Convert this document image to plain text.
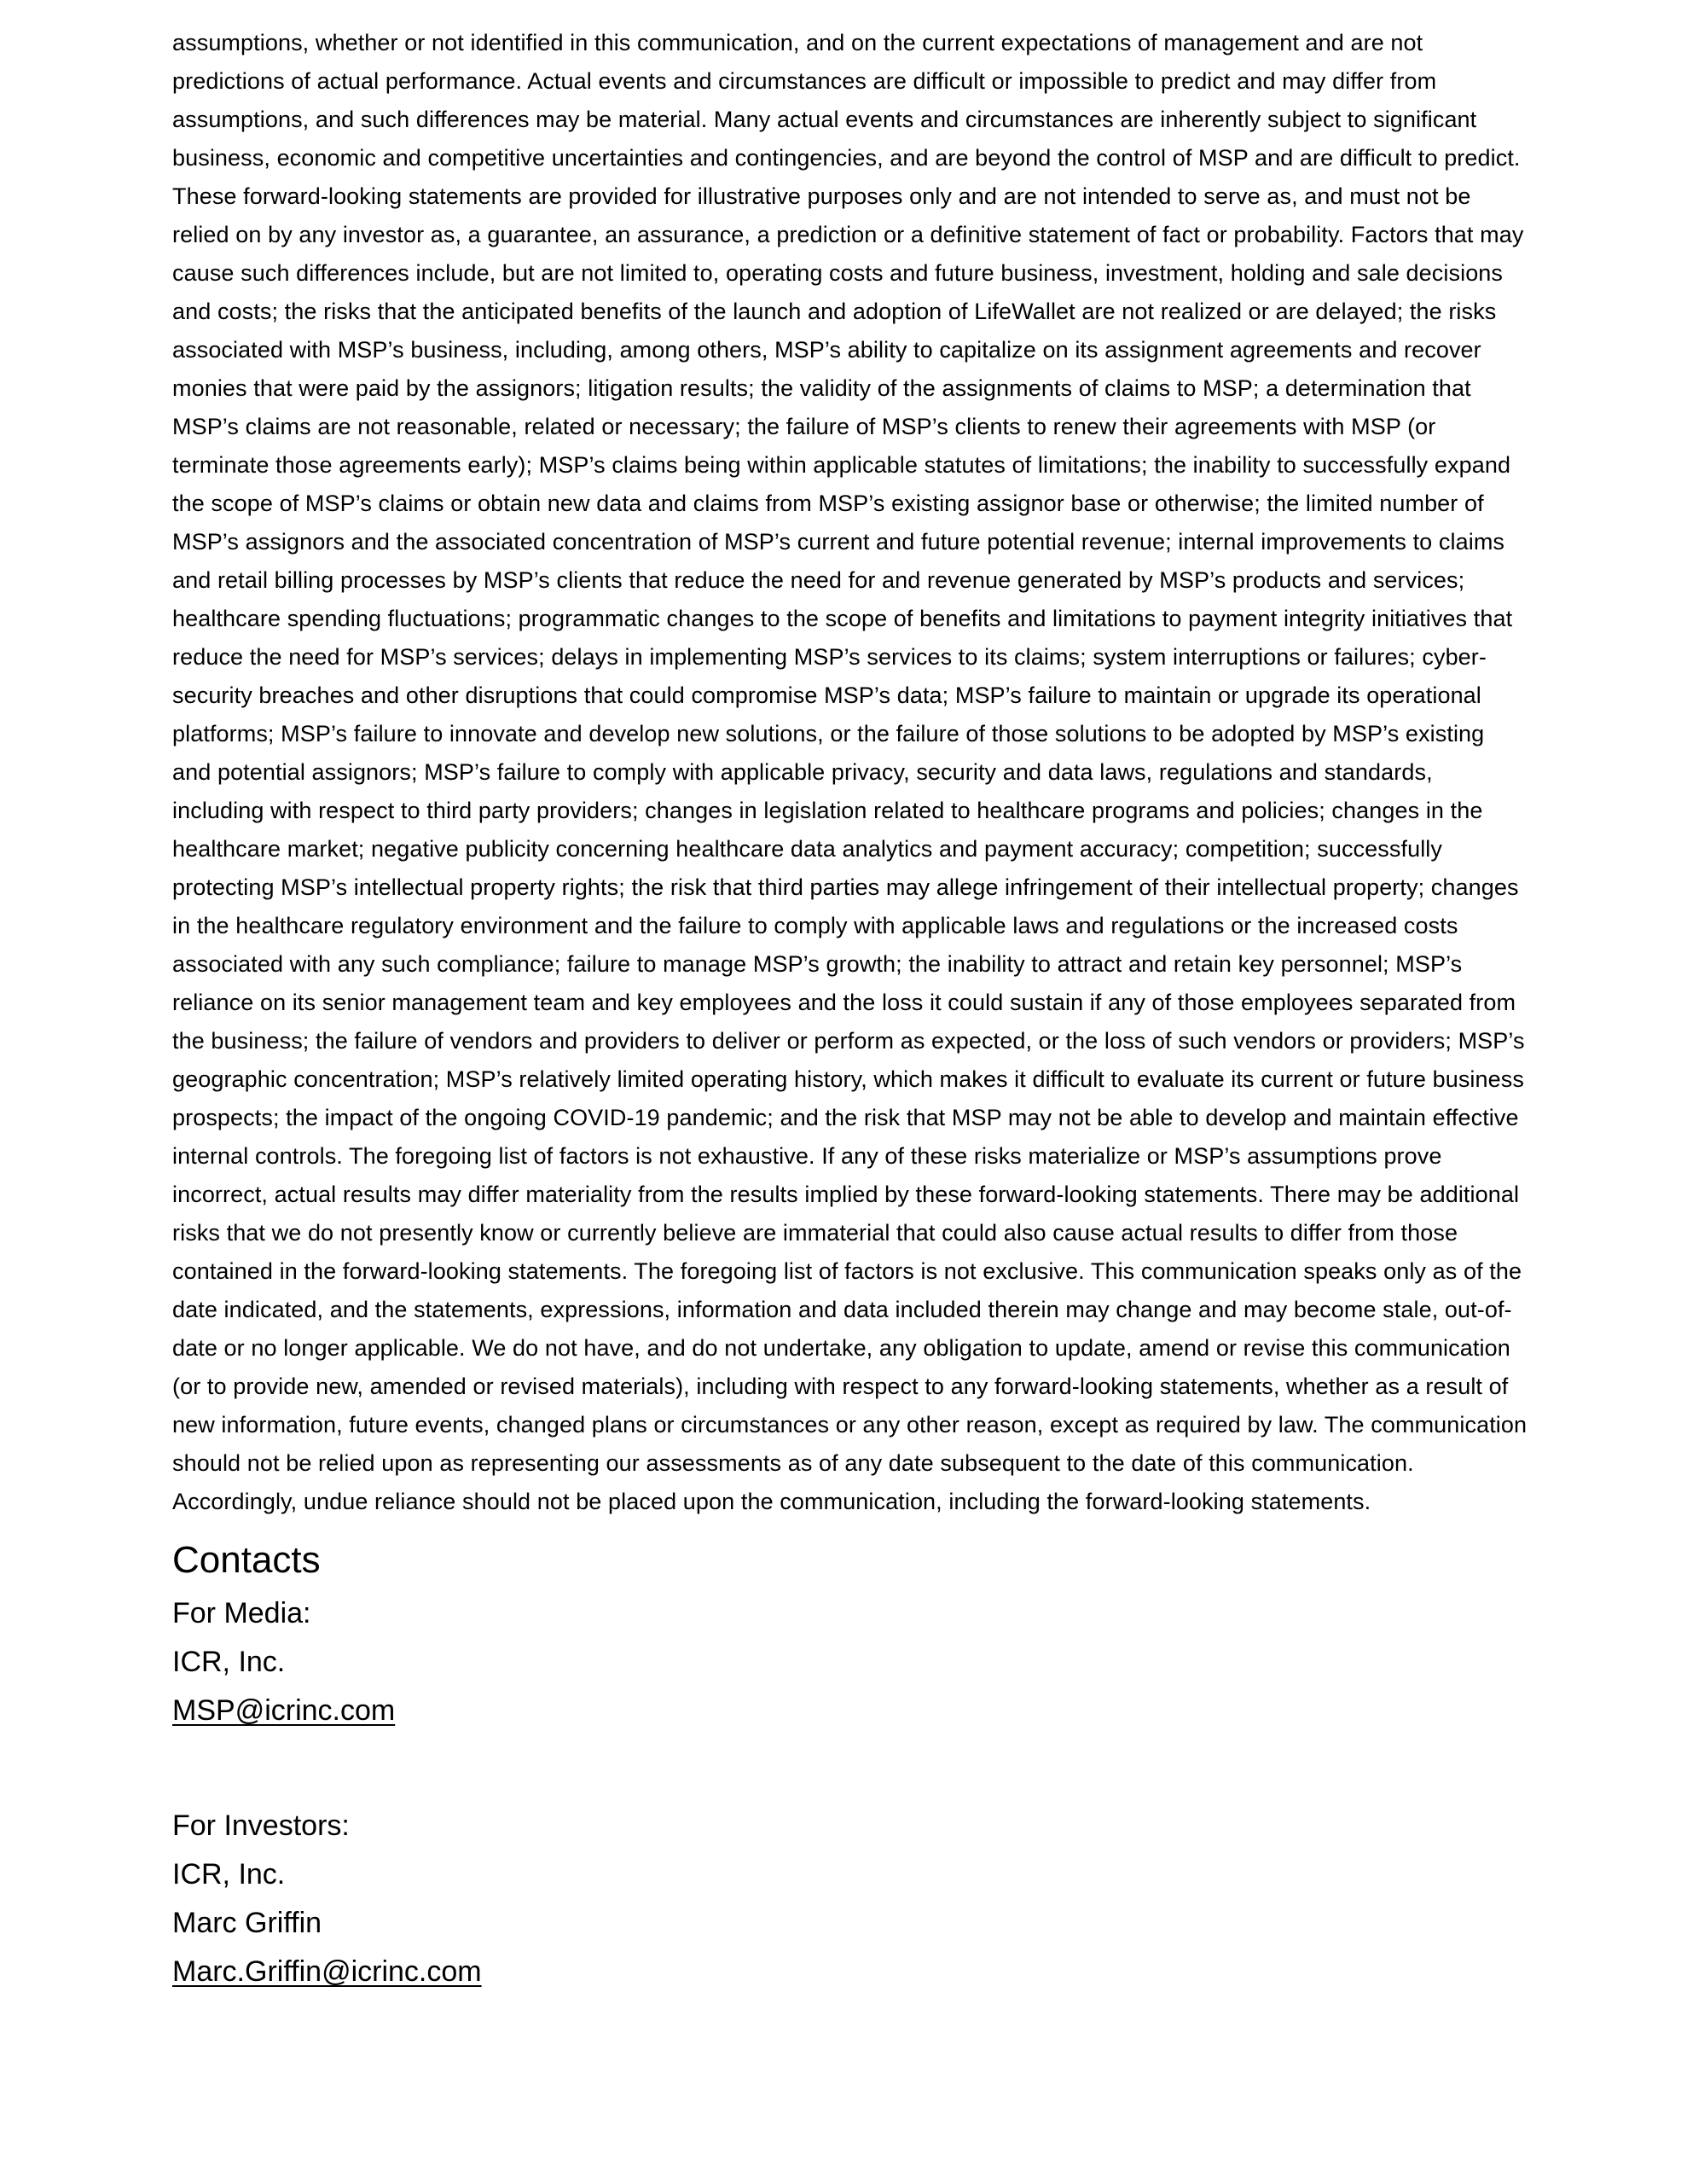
assumptions, whether or not identified in this communication, and on the current expectations of management and are not predictions of actual performance. Actual events and circumstances are difficult or impossible to predict and may differ from assumptions, and such differences may be material. Many actual events and circumstances are inherently subject to significant business, economic and competitive uncertainties and contingencies, and are beyond the control of MSP and are difficult to predict. These forward-looking statements are provided for illustrative purposes only and are not intended to serve as, and must not be relied on by any investor as, a guarantee, an assurance, a prediction or a definitive statement of fact or probability. Factors that may cause such differences include, but are not limited to, operating costs and future business, investment, holding and sale decisions and costs; the risks that the anticipated benefits of the launch and adoption of LifeWallet are not realized or are delayed; the risks associated with MSP’s business, including, among others, MSP’s ability to capitalize on its assignment agreements and recover monies that were paid by the assignors; litigation results; the validity of the assignments of claims to MSP; a determination that MSP’s claims are not reasonable, related or necessary; the failure of MSP’s clients to renew their agreements with MSP (or terminate those agreements early); MSP’s claims being within applicable statutes of limitations; the inability to successfully expand the scope of MSP’s claims or obtain new data and claims from MSP’s existing assignor base or otherwise; the limited number of MSP’s assignors and the associated concentration of MSP’s current and future potential revenue; internal improvements to claims and retail billing processes by MSP’s clients that reduce the need for and revenue generated by MSP’s products and services; healthcare spending fluctuations; programmatic changes to the scope of benefits and limitations to payment integrity initiatives that reduce the need for MSP’s services; delays in implementing MSP’s services to its claims; system interruptions or failures; cyber-security breaches and other disruptions that could compromise MSP’s data; MSP’s failure to maintain or upgrade its operational platforms; MSP’s failure to innovate and develop new solutions, or the failure of those solutions to be adopted by MSP’s existing and potential assignors; MSP’s failure to comply with applicable privacy, security and data laws, regulations and standards, including with respect to third party providers; changes in legislation related to healthcare programs and policies; changes in the healthcare market; negative publicity concerning healthcare data analytics and payment accuracy; competition; successfully protecting MSP’s intellectual property rights; the risk that third parties may allege infringement of their intellectual property; changes in the healthcare regulatory environment and the failure to comply with applicable laws and regulations or the increased costs associated with any such compliance; failure to manage MSP’s growth; the inability to attract and retain key personnel; MSP’s reliance on its senior management team and key employees and the loss it could sustain if any of those employees separated from the business; the failure of vendors and providers to deliver or perform as expected, or the loss of such vendors or providers; MSP’s geographic concentration; MSP’s relatively limited operating history, which makes it difficult to evaluate its current or future business prospects; the impact of the ongoing COVID-19 pandemic; and the risk that MSP may not be able to develop and maintain effective internal controls. The foregoing list of factors is not exhaustive. If any of these risks materialize or MSP’s assumptions prove incorrect, actual results may differ materiality from the results implied by these forward-looking statements. There may be additional risks that we do not presently know or currently believe are immaterial that could also cause actual results to differ from those contained in the forward-looking statements. The foregoing list of factors is not exclusive. This communication speaks only as of the date indicated, and the statements, expressions, information and data included therein may change and may become stale, out-of-date or no longer applicable. We do not have, and do not undertake, any obligation to update, amend or revise this communication (or to provide new, amended or revised materials), including with respect to any forward-looking statements, whether as a result of new information, future events, changed plans or circumstances or any other reason, except as required by law. The communication should not be relied upon as representing our assessments as of any date subsequent to the date of this communication. Accordingly, undue reliance should not be placed upon the communication, including the forward-looking statements.
Contacts
For Media:
ICR, Inc.
MSP@icrinc.com
For Investors:
ICR, Inc.
Marc Griffin
Marc.Griffin@icrinc.com
